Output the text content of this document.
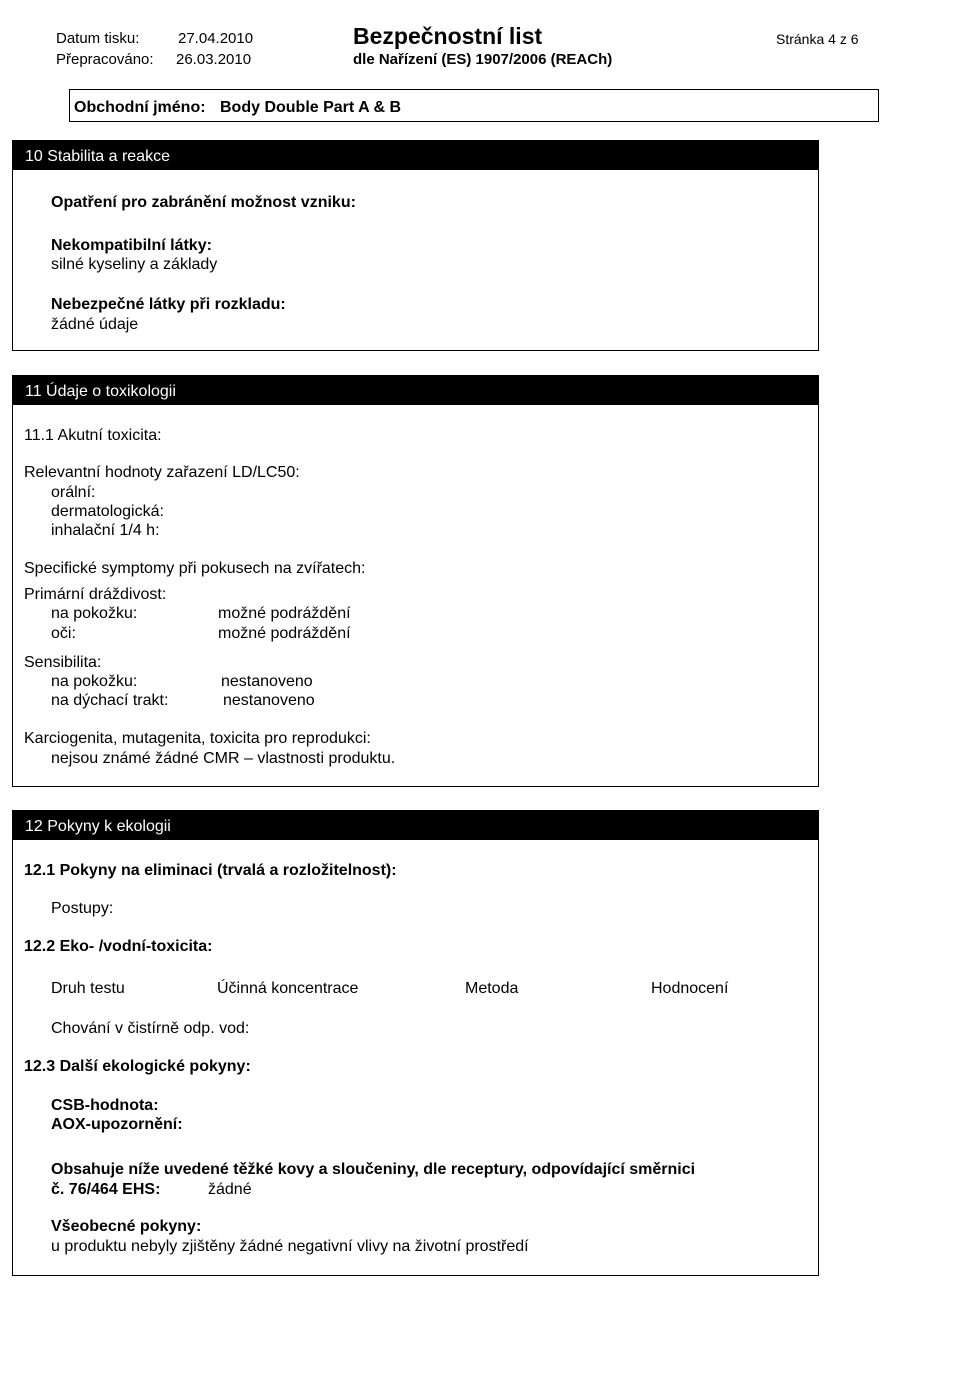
Datum tisku:	27.04.2010
Přepracováno: 26.03.2010
Bezpečnostní list
dle Nařízení (ES) 1907/2006 (REACh)
Stránka 4 z 6
Obchodní jméno: Body Double Part A & B
10 Stabilita a reakce
Opatření pro zabránění možnost vzniku:
Nekompatibilní látky:
silné kyseliny a základy
Nebezpečné látky při rozkladu:
žádné údaje
11 Údaje o toxikologii
11.1 Akutní toxicita:
Relevantní hodnoty zařazení LD/LC50:
orální:
dermatologická:
inhalační 1/4 h:
Specifické symptomy při pokusech na zvířatech:
Primární dráždivost:
na pokožku:	možné podráždění
oči:	možné podráždění
Sensibilita:
na pokožku:	nestanoveno
na dýchací trakt:	nestanoveno
Karciogenita, mutagenita, toxicita pro reprodukci:
nejsou známé žádné CMR – vlastnosti produktu.
12 Pokyny k ekologii
12.1 Pokyny na eliminaci (trvalá a rozložitelnost):
Postupy:
12.2 Eko- /vodní-toxicita:
Druh testu	Účinná koncentrace	Metoda	Hodnocení
Chování v čistírně odp. vod:
12.3 Další ekologické pokyny:
CSB-hodnota:
AOX-upozornění:
Obsahuje níže uvedené těžké kovy a sloučeniny, dle receptury, odpovídající směrnici
č. 76/464 EHS:	žádné
Všeobecné pokyny:
u produktu nebyly zjištěny žádné negativní vlivy na životní prostředí
